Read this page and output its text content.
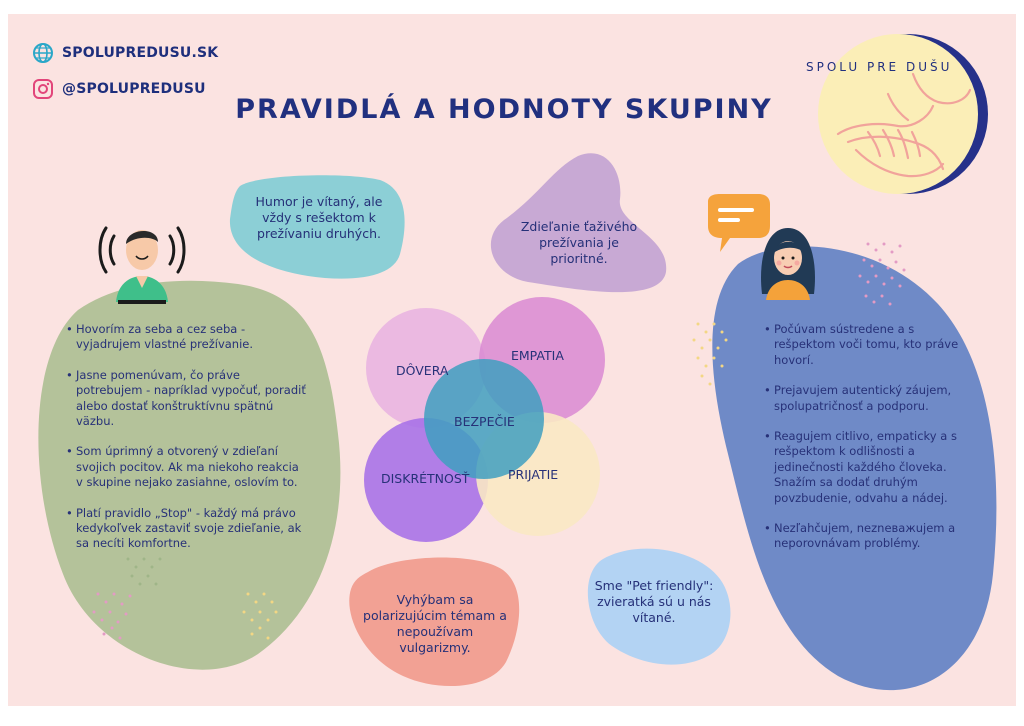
SPOLUPREDUSU.SK
@SPOLUPREDUSU
PRAVIDLÁ A HODNOTY SKUPINY
SPOLU PRE DUŠU
Humor je vítaný, ale vždy s rešektom k prežívaniu druhých.	Zdieľanie ťaživého prežívania je prioritné.
Vyhýbam sa polarizujúcim témam a nepoužívam vulgarizmy.
Sme "Pet friendly": zvieratká sú u nás vítané.
DÔVERA
EMPATIA
BEZPEČIE
DISKRÉTNOSŤ	PRIJATIE
• Hovorím za seba a cez seba - vyjadrujem vlastné prežívanie.
• Jasne pomenúvam, čo práve potrebujem - napríklad vypočuť, poradiť alebo dostať konštruktívnu spätnú väzbu.
• Som úprimný a otvorený v zdieľaní svojich pocitov. Ak ma niekoho reakcia v skupine nejako zasiahne, oslovím to.
• Platí pravidlo „Stop" - každý má právo kedykoľvek zastaviť svoje zdieľanie, ak sa necíti komfortne.
• Počúvam sústredene a s rešpektom voči tomu, kto práve hovorí.
• Prejavujem autentický záujem, spolupatričnosť a podporu.
• Reagujem citlivo, empaticky a s rešpektom k odlišnosti a jedinečnosti každého človeka. Snažím sa dodať druhým povzbudenie, odvahu a nádej.
• Nezľahčujem, nezneважujem a neporovnávam problémy.
